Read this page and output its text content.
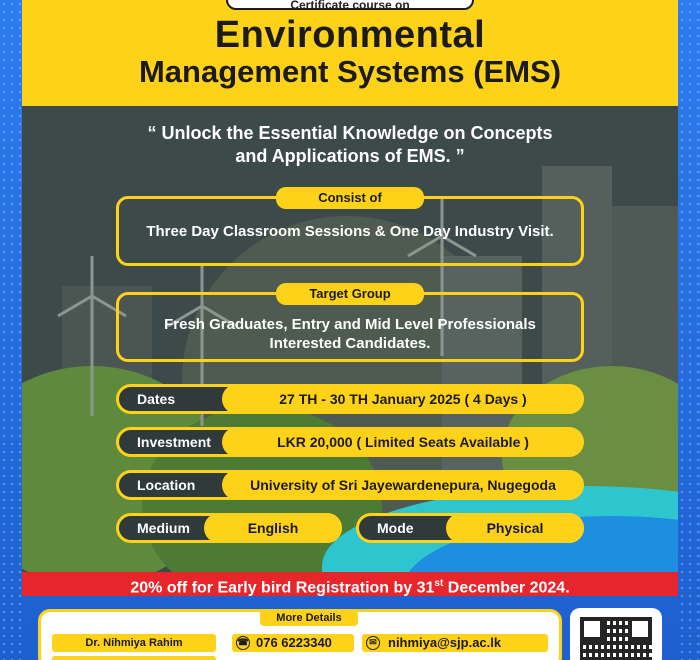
Certificate course on
Environmental
Management Systems (EMS)
“ Unlock the Essential Knowledge on Concepts
and Applications of EMS. ”
Three Day Classroom Sessions & One Day Industry Visit.
Consist of
Fresh Graduates, Entry and Mid Level Professionals
Interested Candidates.
Target Group
Dates	27 TH - 30 TH January 2025 ( 4 Days )
Investment	LKR 20,000 ( Limited Seats Available )
Location	University of Sri Jayewardenepura, Nugegoda
Medium	English	Mode	Physical
20% off for Early bird Registration by 31st December 2024.
More Details
Dr. Nihmiya Rahim	☎ 076 6223340	✉ nihmiya@sjp.ac.lk
